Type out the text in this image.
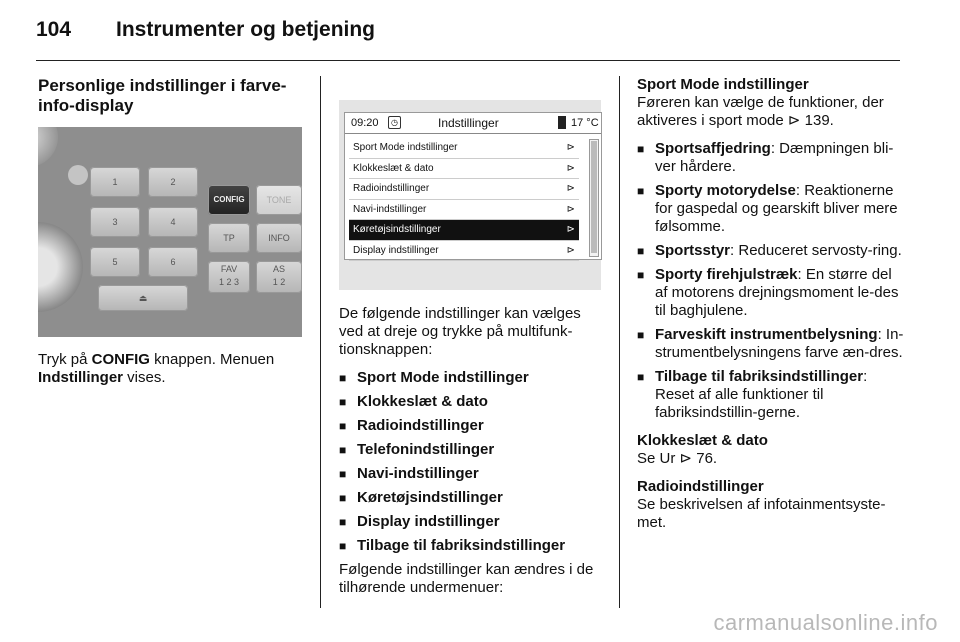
104 Instrumenter og betjening
Personlige indstillinger i farve-info-display
1	2
3	4
5	6
⏏
CONFIG	TONE
TP	INFO
FAV
1 2 3
AS
1 2

Tryk på CONFIG knappen. Menuen Indstillinger vises.

09:20	◷	Indstillinger	17 °C
Sport Mode indstillinger	⊳
Klokkeslæt & dato	⊳
Radioindstillinger	⊳
Navi-indstillinger	⊳
Køretøjsindstillinger	⊳
Display indstillinger	⊳

De følgende indstillinger kan vælges ved at dreje og trykke på multifunk-tionsknappen:

■ Sport Mode indstillinger
■ Klokkeslæt & dato
■ Radioindstillinger
■ Telefonindstillinger
■ Navi-indstillinger
■ Køretøjsindstillinger
■ Display indstillinger
■ Tilbage til fabriksindstillinger

Følgende indstillinger kan ændres i de tilhørende undermenuer:

Sport Mode indstillinger

Føreren kan vælge de funktioner, der aktiveres i sport mode ⊳ 139.

■ Sportsaffjedring: Dæmpningen bli-ver hårdere.
■ Sporty motorydelse: Reaktionerne for gaspedal og gearskift bliver mere følsomme.
■ Sportsstyr: Reduceret servosty-ring.
■ Sporty firehjulstræk: En større del af motorens drejningsmoment le-des til baghjulene.
■ Farveskift instrumentbelysning: In-strumentbelysningens farve æn-dres.
■ Tilbage til fabriksindstillinger: Reset af alle funktioner til fabriksindstillin-gerne.
Klokkeslæt & dato

Se Ur ⊳ 76.

Radioindstillinger

Se beskrivelsen af infotainmentsyste-met.

carmanualsonline.info
